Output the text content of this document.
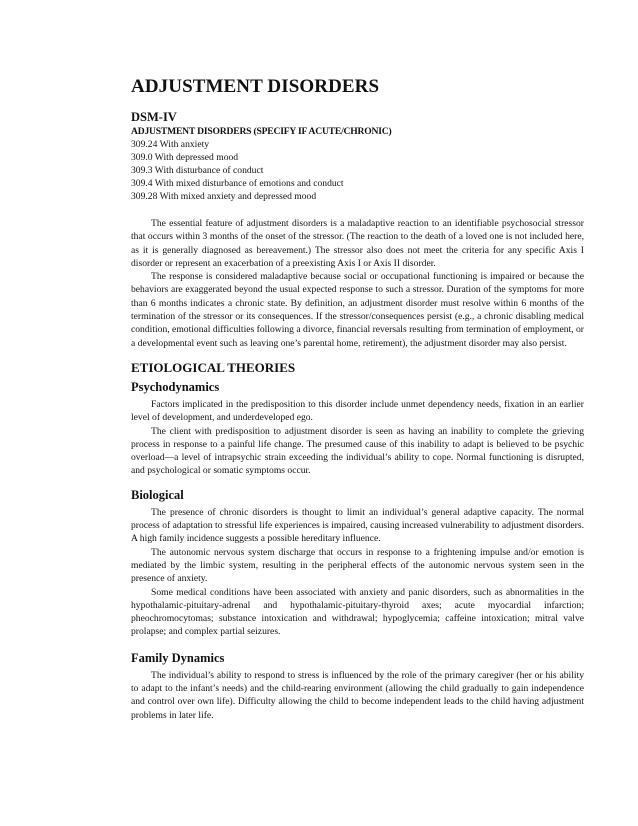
ADJUSTMENT DISORDERS
DSM-IV
ADJUSTMENT DISORDERS (SPECIFY IF ACUTE/CHRONIC)
309.24 With anxiety
309.0 With depressed mood
309.3 With disturbance of conduct
309.4 With mixed disturbance of emotions and conduct
309.28 With mixed anxiety and depressed mood

The essential feature of adjustment disorders is a maladaptive reaction to an identifiable psychosocial stressor that occurs within 3 months of the onset of the stressor. (The reaction to the death of a loved one is not included here, as it is generally diagnosed as bereavement.) The stressor also does not meet the criteria for any specific Axis I disorder or represent an exacerbation of a preexisting Axis I or Axis II disorder.

The response is considered maladaptive because social or occupational functioning is impaired or because the behaviors are exaggerated beyond the usual expected response to such a stressor. Duration of the symptoms for more than 6 months indicates a chronic state. By definition, an adjustment disorder must resolve within 6 months of the termination of the stressor or its consequences. If the stressor/consequences persist (e.g., a chronic disabling medical condition, emotional difficulties following a divorce, financial reversals resulting from termination of employment, or a developmental event such as leaving one’s parental home, retirement), the adjustment disorder may also persist.

ETIOLOGICAL THEORIES
Psychodynamics

Factors implicated in the predisposition to this disorder include unmet dependency needs, fixation in an earlier level of development, and underdeveloped ego.

The client with predisposition to adjustment disorder is seen as having an inability to complete the grieving process in response to a painful life change. The presumed cause of this inability to adapt is believed to be psychic overload—a level of intrapsychic strain exceeding the individual’s ability to cope. Normal functioning is disrupted, and psychological or somatic symptoms occur.

Biological

The presence of chronic disorders is thought to limit an individual’s general adaptive capacity. The normal process of adaptation to stressful life experiences is impaired, causing increased vulnerability to adjustment disorders. A high family incidence suggests a possible hereditary influence.

The autonomic nervous system discharge that occurs in response to a frightening impulse and/or emotion is mediated by the limbic system, resulting in the peripheral effects of the autonomic nervous system seen in the presence of anxiety.

Some medical conditions have been associated with anxiety and panic disorders, such as abnormalities in the hypothalamic-pituitary-adrenal and hypothalamic-pituitary-thyroid axes; acute myocardial infarction; pheochromocytomas; substance intoxication and withdrawal; hypoglycemia; caffeine intoxication; mitral valve prolapse; and complex partial seizures.

Family Dynamics

The individual’s ability to respond to stress is influenced by the role of the primary caregiver (her or his ability to adapt to the infant’s needs) and the child-rearing environment (allowing the child gradually to gain independence and control over own life). Difficulty allowing the child to become independent leads to the child having adjustment problems in later life.
